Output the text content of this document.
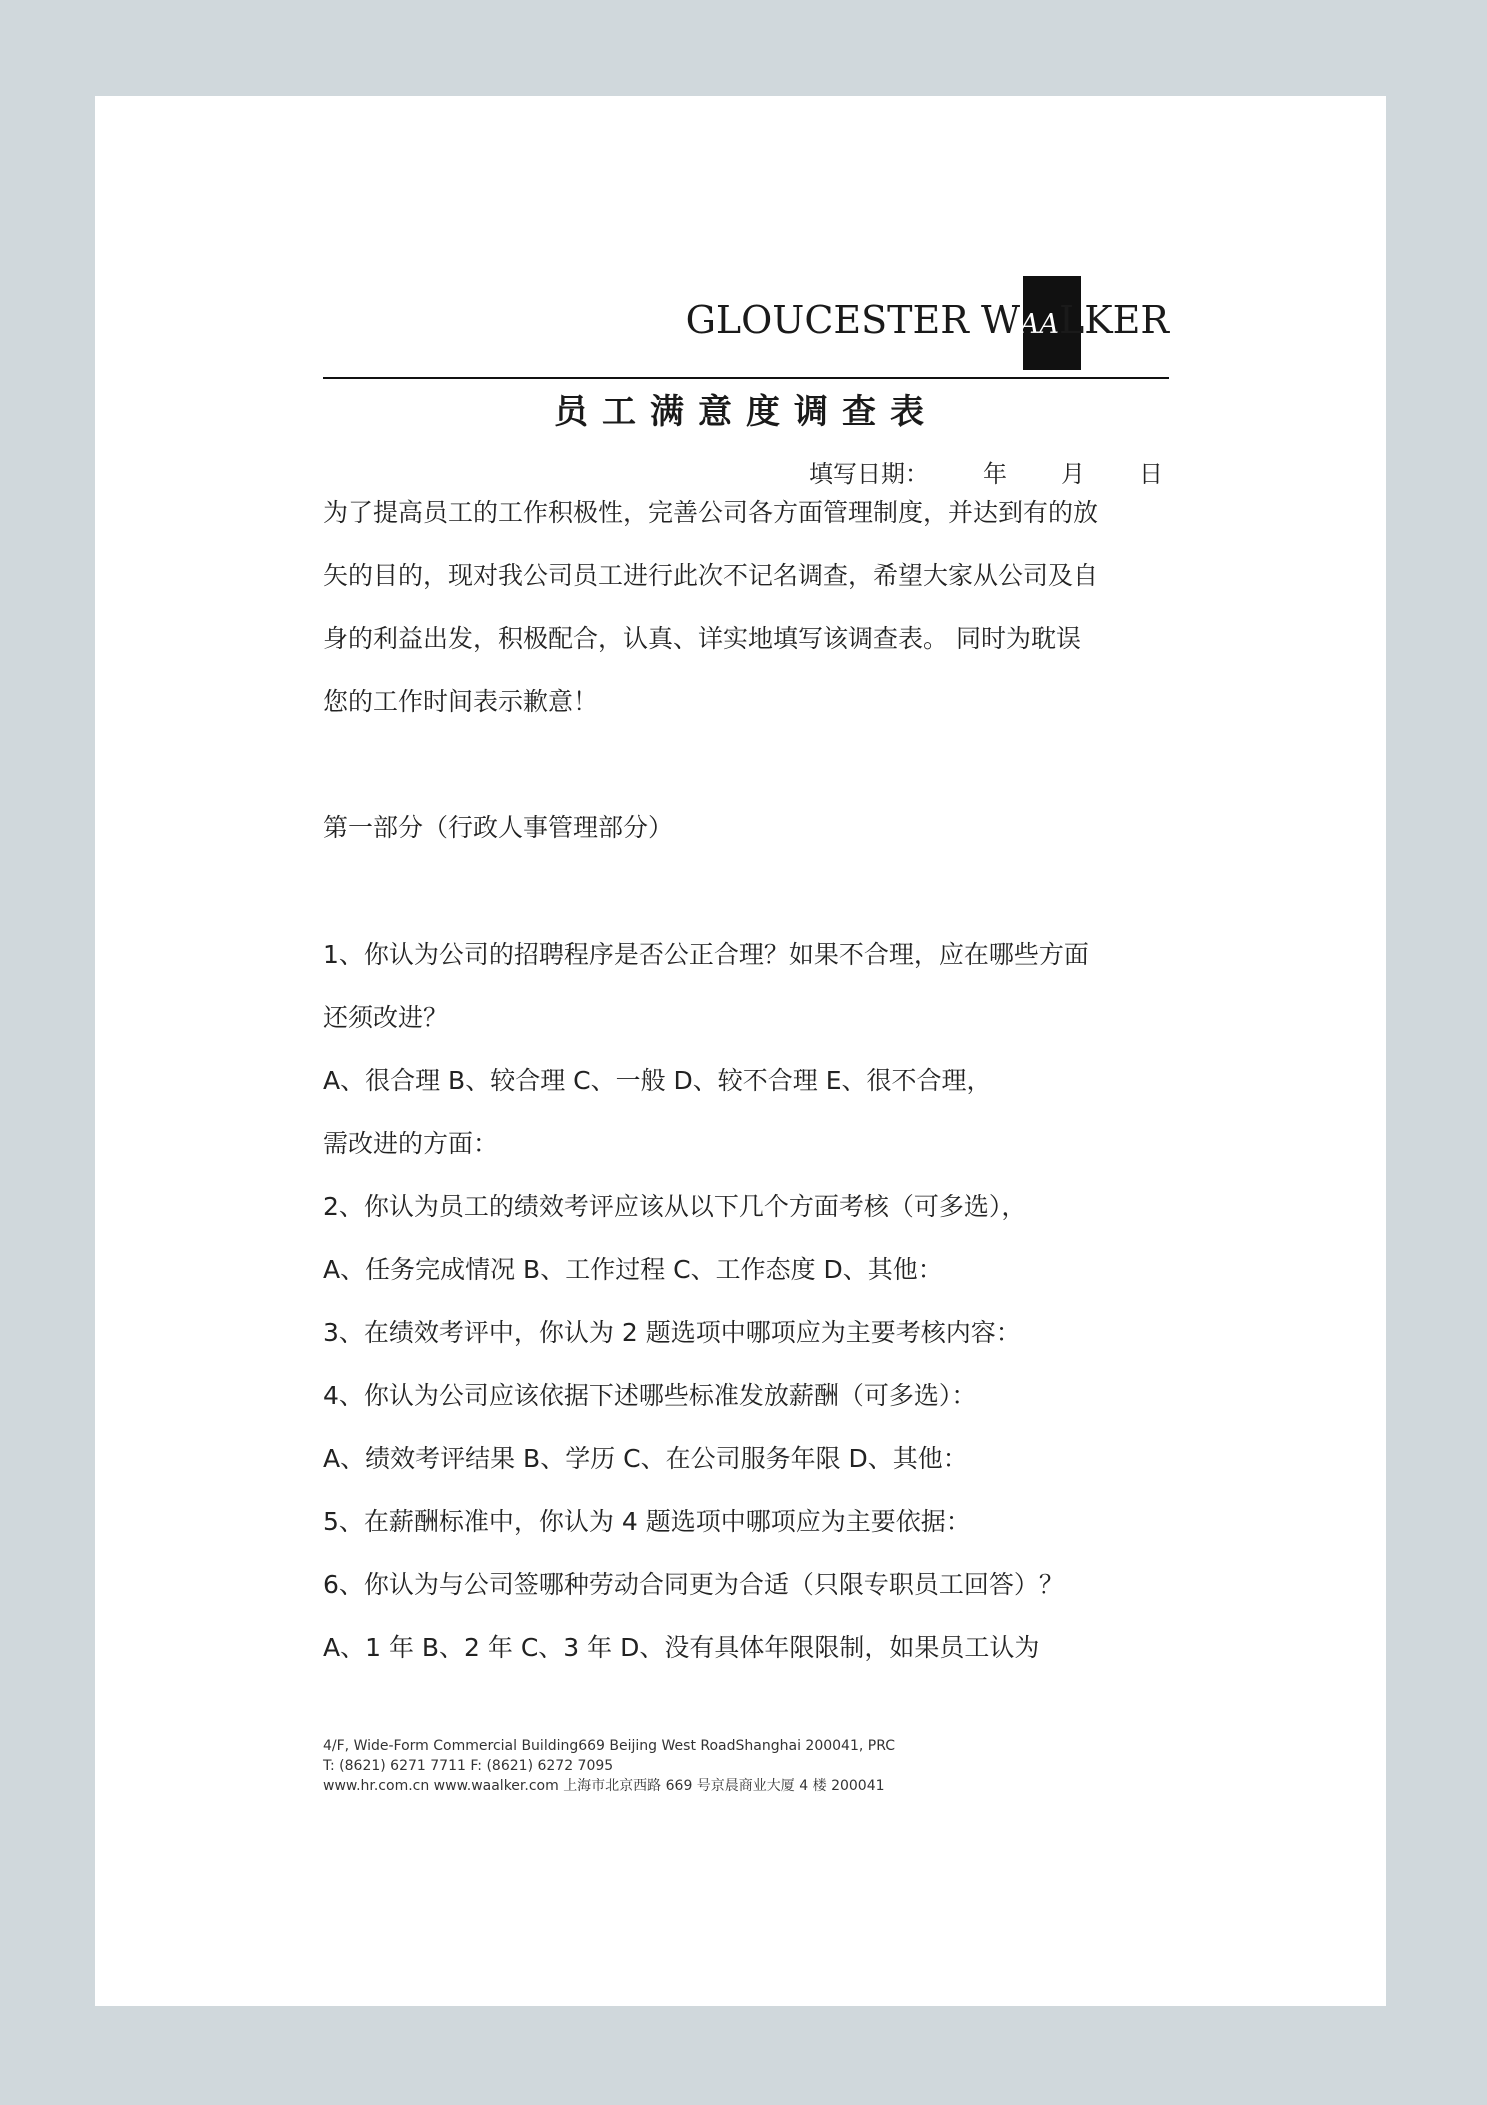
GLOUCESTER WaaLKER
员工满意度调查表
填写日期： 年 月 日
为了提高员工的工作积极性，完善公司各方面管理制度，并达到有的放
矢的目的，现对我公司员工进行此次不记名调查，希望大家从公司及自
身的利益出发，积极配合，认真、详实地填写该调查表。 同时为耽误
您的工作时间表示歉意！
第一部分（行政人事管理部分）
1、你认为公司的招聘程序是否公正合理？如果不合理，应在哪些方面
还须改进？
A、很合理 B、较合理 C、一般 D、较不合理 E、很不合理，
需改进的方面：
2、你认为员工的绩效考评应该从以下几个方面考核（可多选），
A、任务完成情况 B、工作过程 C、工作态度 D、其他：
3、在绩效考评中，你认为 2 题选项中哪项应为主要考核内容：
4、你认为公司应该依据下述哪些标准发放薪酬（可多选）：
A、绩效考评结果 B、学历 C、在公司服务年限 D、其他：
5、在薪酬标准中，你认为 4 题选项中哪项应为主要依据：
6、你认为与公司签哪种劳动合同更为合适（只限专职员工回答）？
A、1 年 B、2 年 C、3 年 D、没有具体年限限制，如果员工认为
4/F, Wide-Form Commercial Building669 Beijing West RoadShanghai 200041, PRC
T: (8621) 6271 7711 F: (8621) 6272 7095
www.hr.com.cn www.waalker.com 上海市北京西路 669 号京晨商业大厦 4 楼 200041
